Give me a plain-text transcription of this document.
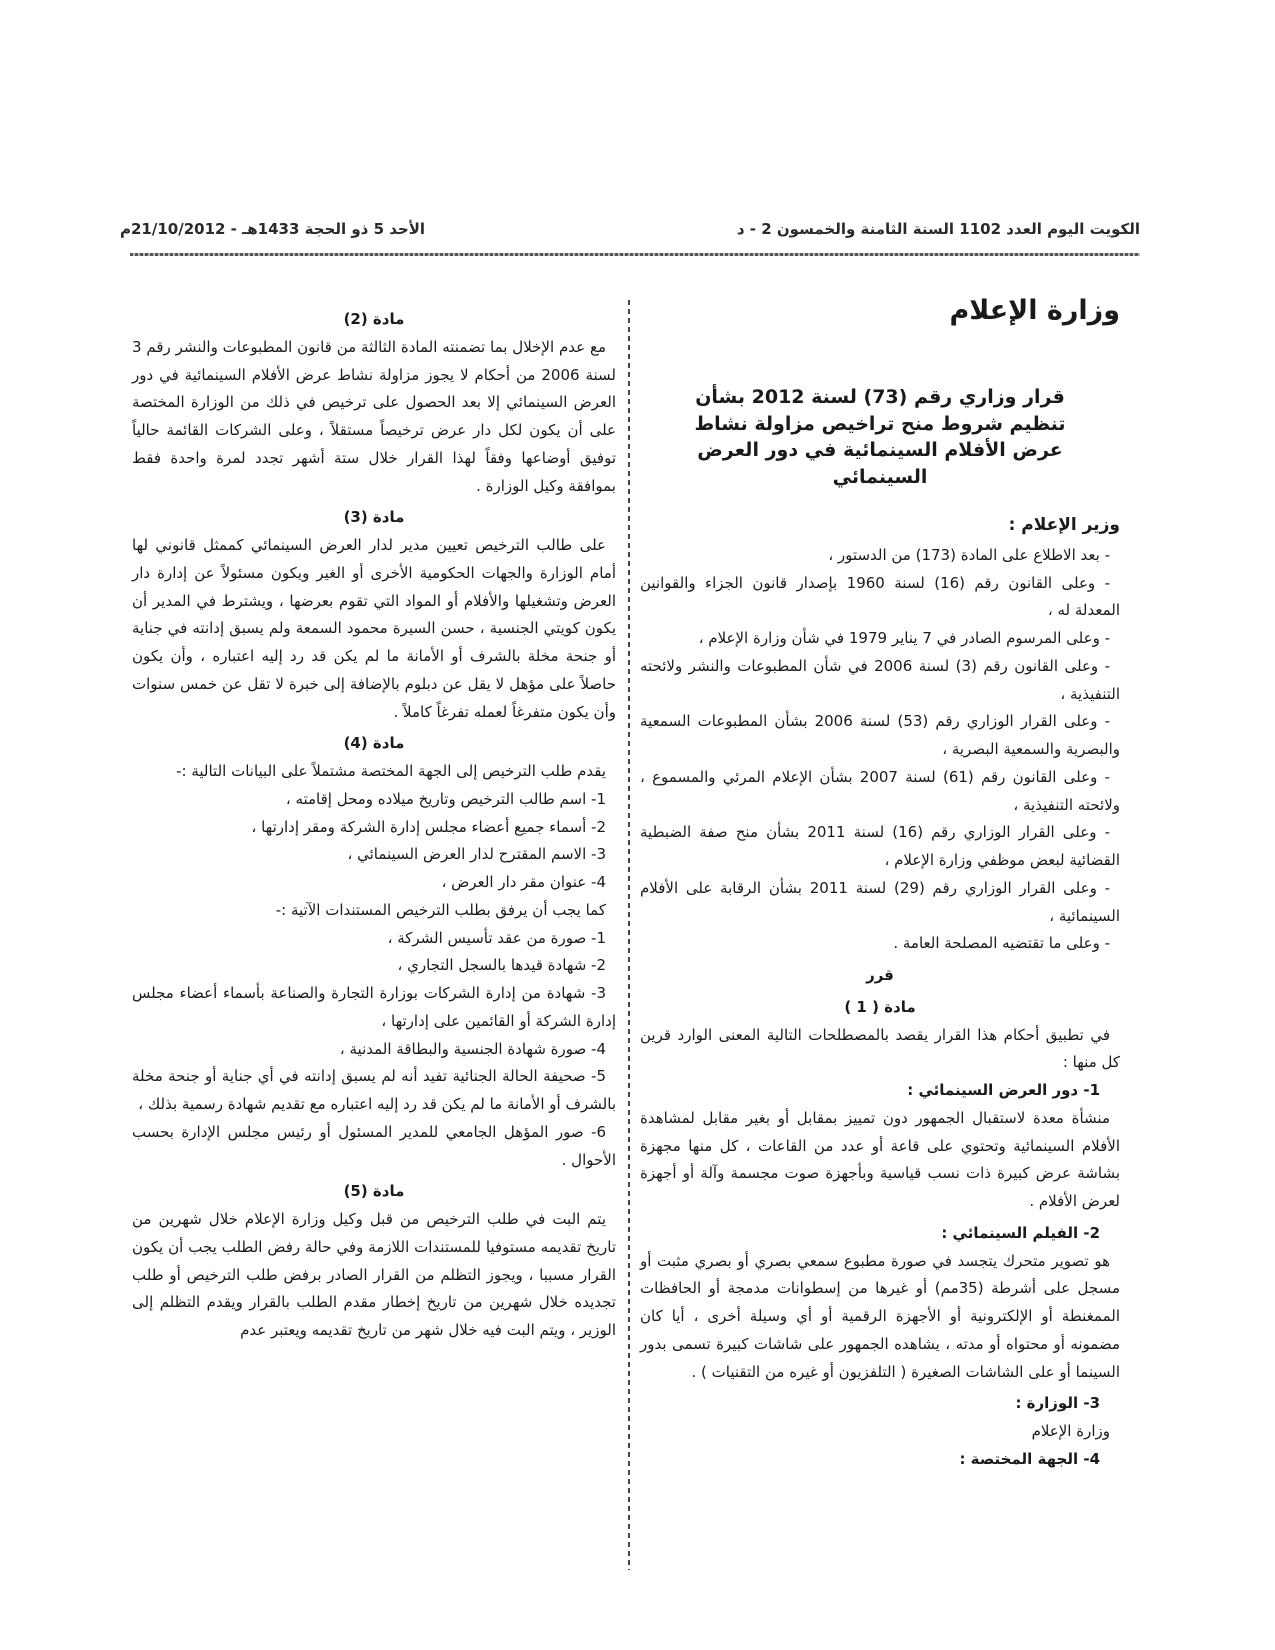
الكويت اليوم العدد 1102 السنة الثامنة والخمسون 2 - د
الأحد 5 ذو الحجة 1433هـ - 21/10/2012م
وزارة الإعلام
قرار وزاري رقم (73) لسنة 2012 بشأن تنظيم شروط منح تراخيص مزاولة نشاط عرض الأفلام السينمائية في دور العرض السينمائي
وزير الإعلام :

- بعد الاطلاع على المادة (173) من الدستور ،

- وعلى القانون رقم (16) لسنة 1960 بإصدار قانون الجزاء والقوانين المعدلة له ،

- وعلى المرسوم الصادر في 7 يناير 1979 في شأن وزارة الإعلام ،

- وعلى القانون رقم (3) لسنة 2006 في شأن المطبوعات والنشر ولائحته التنفيذية ،

- وعلى القرار الوزاري رقم (53) لسنة 2006 بشأن المطبوعات السمعية والبصرية والسمعية البصرية ،

- وعلى القانون رقم (61) لسنة 2007 بشأن الإعلام المرئي والمسموع ، ولائحته التنفيذية ،

- وعلى القرار الوزاري رقم (16) لسنة 2011 بشأن منح صفة الضبطية القضائية لبعض موظفي وزارة الإعلام ،

- وعلى القرار الوزاري رقم (29) لسنة 2011 بشأن الرقابة على الأفلام السينمائية ،

- وعلى ما تقتضيه المصلحة العامة .

قرر
مادة ( 1 )

في تطبيق أحكام هذا القرار يقصد بالمصطلحات التالية المعنى الوارد قرين كل منها :

1- دور العرض السينمائي :

منشأة معدة لاستقبال الجمهور دون تمييز بمقابل أو بغير مقابل لمشاهدة الأفلام السينمائية وتحتوي على قاعة أو عدد من القاعات ، كل منها مجهزة بشاشة عرض كبيرة ذات نسب قياسية وبأجهزة صوت مجسمة وآلة أو أجهزة لعرض الأفلام .

2- الفيلم السينمائي :

هو تصوير متحرك يتجسد في صورة مطبوع سمعي بصري أو بصري مثبت أو مسجل على أشرطة (35مم) أو غيرها من إسطوانات مدمجة أو الحافظات الممغنطة أو الإلكترونية أو الأجهزة الرقمية أو أي وسيلة أخرى ، أيا كان مضمونه أو محتواه أو مدته ، يشاهده الجمهور على شاشات كبيرة تسمى بدور السينما أو على الشاشات الصغيرة ( التلفزيون أو غيره من التقنيات ) .

3- الوزارة :

وزارة الإعلام

4- الجهة المختصة :
مادة (2)

مع عدم الإخلال بما تضمنته المادة الثالثة من قانون المطبوعات والنشر رقم 3 لسنة 2006 من أحكام لا يجوز مزاولة نشاط عرض الأفلام السينمائية في دور العرض السينمائي إلا بعد الحصول على ترخيص في ذلك من الوزارة المختصة على أن يكون لكل دار عرض ترخيصاً مستقلاً ، وعلى الشركات القائمة حالياً توفيق أوضاعها وفقاً لهذا القرار خلال ستة أشهر تجدد لمرة واحدة فقط بموافقة وكيل الوزارة .

مادة (3)

على طالب الترخيص تعيين مدير لدار العرض السينمائي كممثل قانوني لها أمام الوزارة والجهات الحكومية الأخرى أو الغير ويكون مسئولاً عن إدارة دار العرض وتشغيلها والأفلام أو المواد التي تقوم بعرضها ، ويشترط في المدير أن يكون كويتي الجنسية ، حسن السيرة محمود السمعة ولم يسبق إدانته في جناية أو جنحة مخلة بالشرف أو الأمانة ما لم يكن قد رد إليه اعتباره ، وأن يكون حاصلاً على مؤهل لا يقل عن دبلوم بالإضافة إلى خبرة لا تقل عن خمس سنوات وأن يكون متفرغاً لعمله تفرغاً كاملاً .

مادة (4)

يقدم طلب الترخيص إلى الجهة المختصة مشتملاً على البيانات التالية :-

1- اسم طالب الترخيص وتاريخ ميلاده ومحل إقامته ،

2- أسماء جميع أعضاء مجلس إدارة الشركة ومقر إدارتها ،

3- الاسم المقترح لدار العرض السينمائي ،

4- عنوان مقر دار العرض ،

كما يجب أن يرفق بطلب الترخيص المستندات الآتية :-

1- صورة من عقد تأسيس الشركة ،

2- شهادة قيدها بالسجل التجاري ،

3- شهادة من إدارة الشركات بوزارة التجارة والصناعة بأسماء أعضاء مجلس إدارة الشركة أو القائمين على إدارتها ،

4- صورة شهادة الجنسية والبطاقة المدنية ،

5- صحيفة الحالة الجنائية تفيد أنه لم يسبق إدانته في أي جناية أو جنحة مخلة بالشرف أو الأمانة ما لم يكن قد رد إليه اعتباره مع تقديم شهادة رسمية بذلك ،

6- صور المؤهل الجامعي للمدير المسئول أو رئيس مجلس الإدارة بحسب الأحوال .

مادة (5)

يتم البت في طلب الترخيص من قبل وكيل وزارة الإعلام خلال شهرين من تاريخ تقديمه مستوفيا للمستندات اللازمة وفي حالة رفض الطلب يجب أن يكون القرار مسببا ، ويجوز التظلم من القرار الصادر برفض طلب الترخيص أو طلب تجديده خلال شهرين من تاريخ إخطار مقدم الطلب بالقرار ويقدم التظلم إلى الوزير ، ويتم البت فيه خلال شهر من تاريخ تقديمه ويعتبر عدم
